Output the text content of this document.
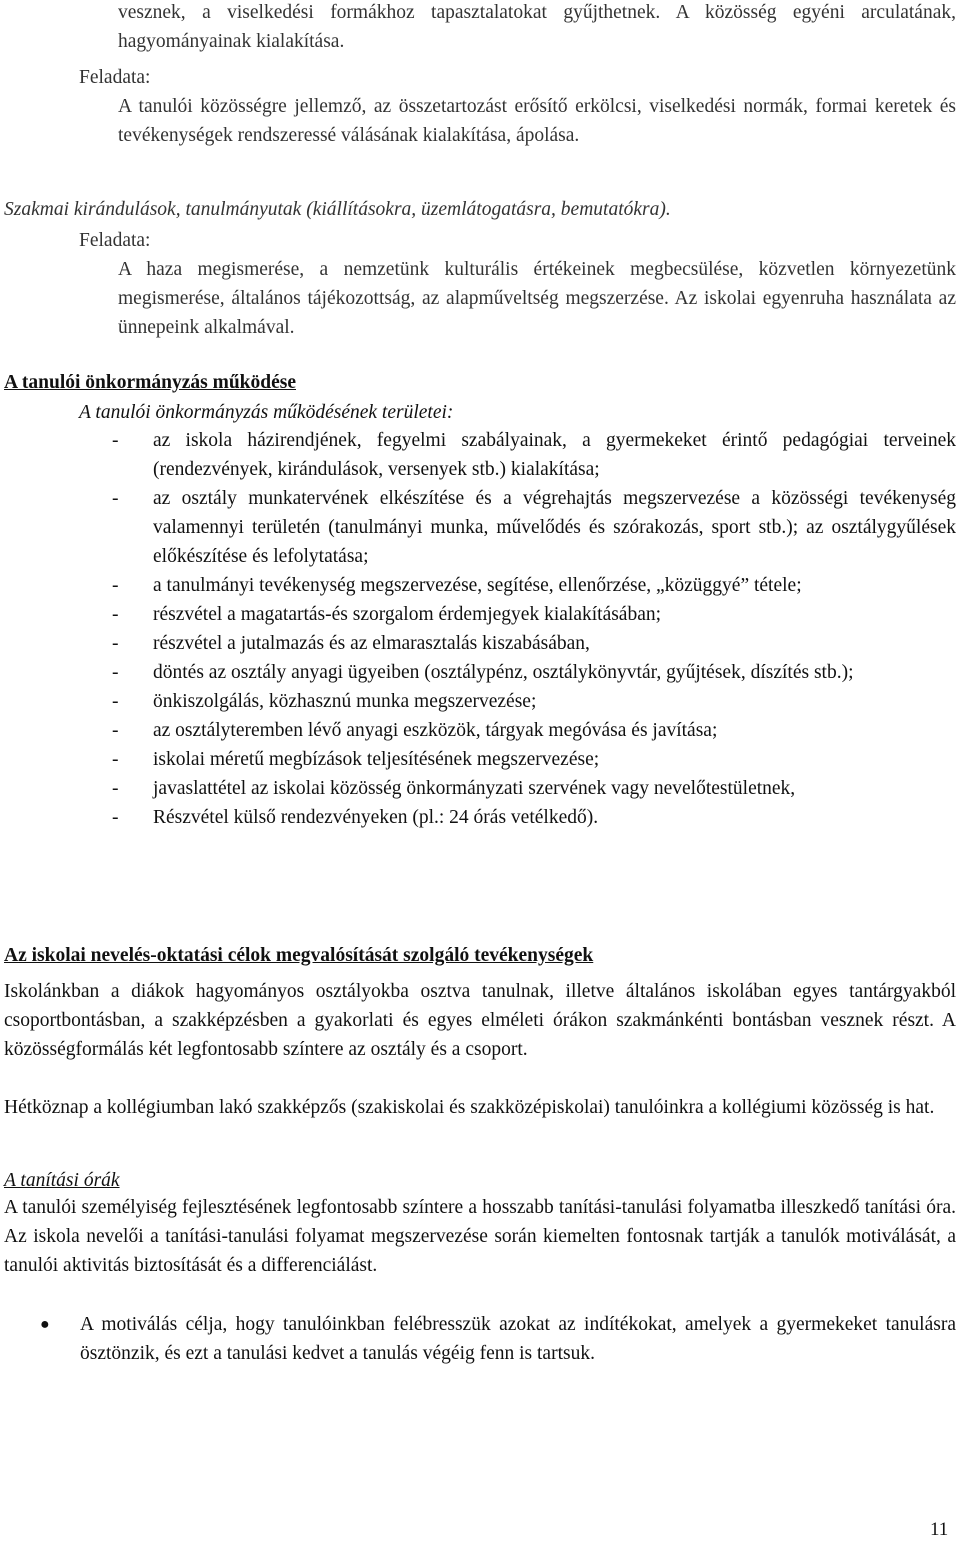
vesznek, a viselkedési formákhoz tapasztalatokat gyűjthetnek. A közösség egyéni arculatának, hagyományainak kialakítása.
Feladata:
A tanulói közösségre jellemző, az összetartozást erősítő erkölcsi, viselkedési normák, formai keretek és tevékenységek rendszeressé válásának kialakítása, ápolása.
Szakmai kirándulások, tanulmányutak (kiállításokra, üzemlátogatásra, bemutatókra).
Feladata:
A haza megismerése, a nemzetünk kulturális értékeinek megbecsülése, közvetlen környezetünk megismerése, általános tájékozottság, az alapműveltség megszerzése. Az iskolai egyenruha használata az ünnepeink alkalmával.
A tanulói önkormányzás működése
A tanulói önkormányzás működésének területei:
- az iskola házirendjének, fegyelmi szabályainak, a gyermekeket érintő pedagógiai terveinek (rendezvények, kirándulások, versenyek stb.) kialakítása;
- az osztály munkatervének elkészítése és a végrehajtás megszervezése a közösségi tevékenység valamennyi területén (tanulmányi munka, művelődés és szórakozás, sport stb.); az osztálygyűlések előkészítése és lefolytatása;
- a tanulmányi tevékenység megszervezése, segítése, ellenőrzése, „közüggyé” tétele;
- részvétel a magatartás-és szorgalom érdemjegyek kialakításában;
- részvétel a jutalmazás és az elmarasztalás kiszabásában,
- döntés az osztály anyagi ügyeiben (osztálypénz, osztálykönyvtár, gyűjtések, díszítés stb.);
- önkiszolgálás, közhasznú munka megszervezése;
- az osztályteremben lévő anyagi eszközök, tárgyak megóvása és javítása;
- iskolai méretű megbízások teljesítésének megszervezése;
- javaslattétel az iskolai közösség önkormányzati szervének vagy nevelőtestületnek,
- Részvétel külső rendezvényeken (pl.: 24 órás vetélkedő).
Az iskolai nevelés-oktatási célok megvalósítását szolgáló tevékenységek
Iskolánkban a diákok hagyományos osztályokba osztva tanulnak, illetve általános iskolában egyes tantárgyakból csoportbontásban, a szakképzésben a gyakorlati és egyes elméleti órákon szakmánkénti bontásban vesznek részt. A közösségformálás két legfontosabb színtere az osztály és a csoport.
Hétköznap a kollégiumban lakó szakképzős (szakiskolai és szakközépiskolai) tanulóinkra a kollégiumi közösség is hat.
A tanítási órák
A tanulói személyiség fejlesztésének legfontosabb színtere a hosszabb tanítási-tanulási folyamatba illeszkedő tanítási óra. Az iskola nevelői a tanítási-tanulási folyamat megszervezése során kiemelten fontosnak tartják a tanulók motiválását, a tanulói aktivitás biztosítását és a differenciálást.
● A motiválás célja, hogy tanulóinkban felébresszük azokat az indítékokat, amelyek a gyermekeket tanulásra ösztönzik, és ezt a tanulási kedvet a tanulás végéig fenn is tartsuk.
11
